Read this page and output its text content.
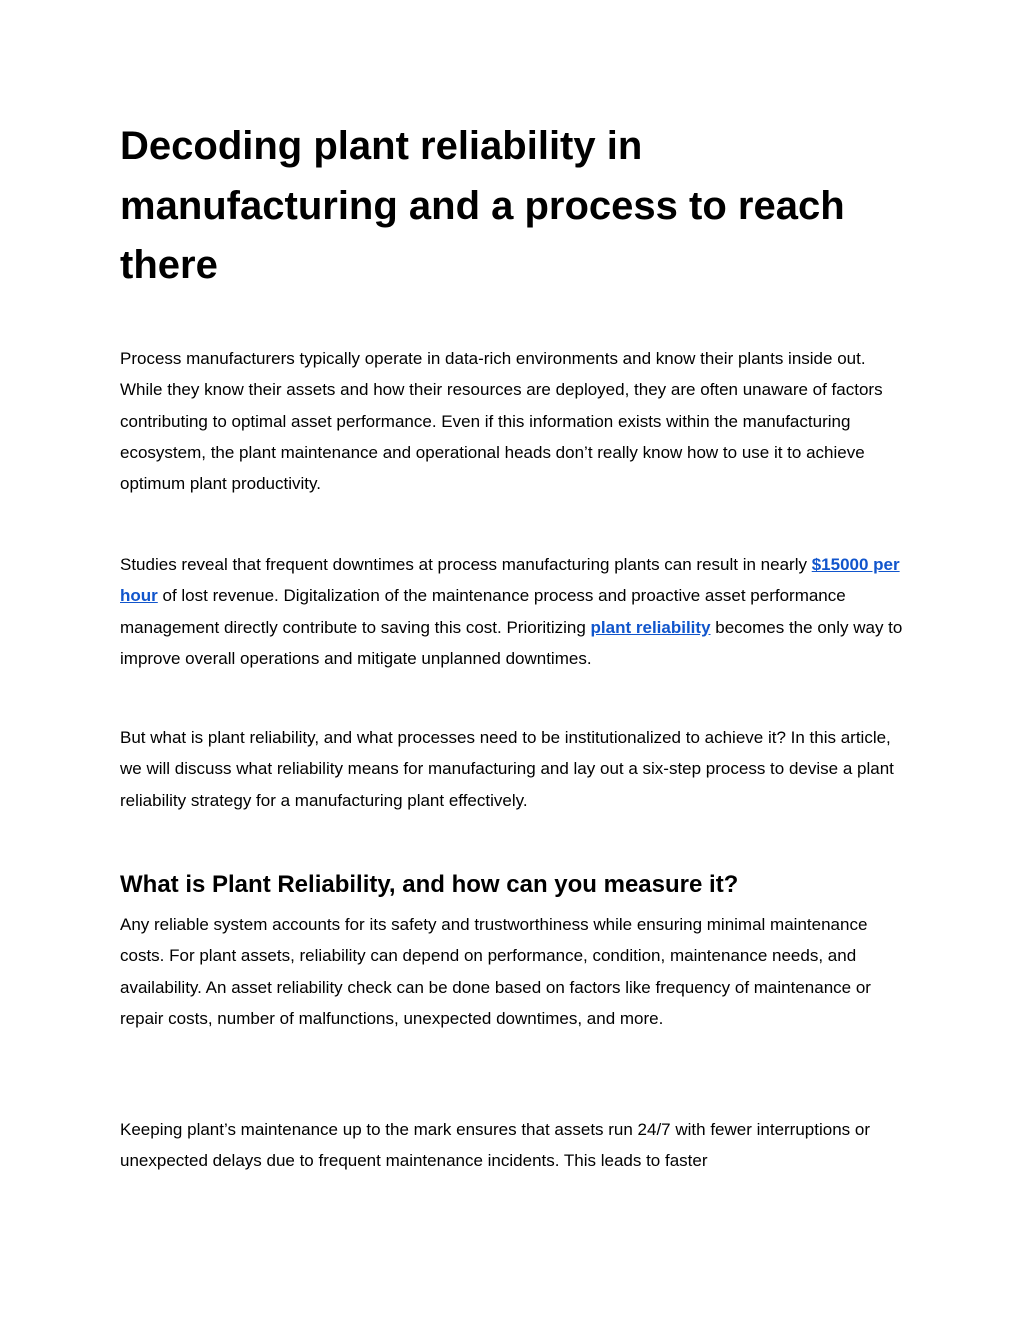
Decoding plant reliability in manufacturing and a process to reach there

Process manufacturers typically operate in data-rich environments and know their plants inside out. While they know their assets and how their resources are deployed, they are often unaware of factors contributing to optimal asset performance. Even if this information exists within the manufacturing ecosystem, the plant maintenance and operational heads don’t really know how to use it to achieve optimum plant productivity.

Studies reveal that frequent downtimes at process manufacturing plants can result in nearly $15000 per hour of lost revenue. Digitalization of the maintenance process and proactive asset performance management directly contribute to saving this cost. Prioritizing plant reliability becomes the only way to improve overall operations and mitigate unplanned downtimes.

But what is plant reliability, and what processes need to be institutionalized to achieve it? In this article, we will discuss what reliability means for manufacturing and lay out a six-step process to devise a plant reliability strategy for a manufacturing plant effectively.

What is Plant Reliability, and how can you measure it?

Any reliable system accounts for its safety and trustworthiness while ensuring minimal maintenance costs. For plant assets, reliability can depend on performance, condition, maintenance needs, and availability. An asset reliability check can be done based on factors like frequency of maintenance or repair costs, number of malfunctions, unexpected downtimes, and more.

Keeping plant’s maintenance up to the mark ensures that assets run 24/7 with fewer interruptions or unexpected delays due to frequent maintenance incidents. This leads to faster
